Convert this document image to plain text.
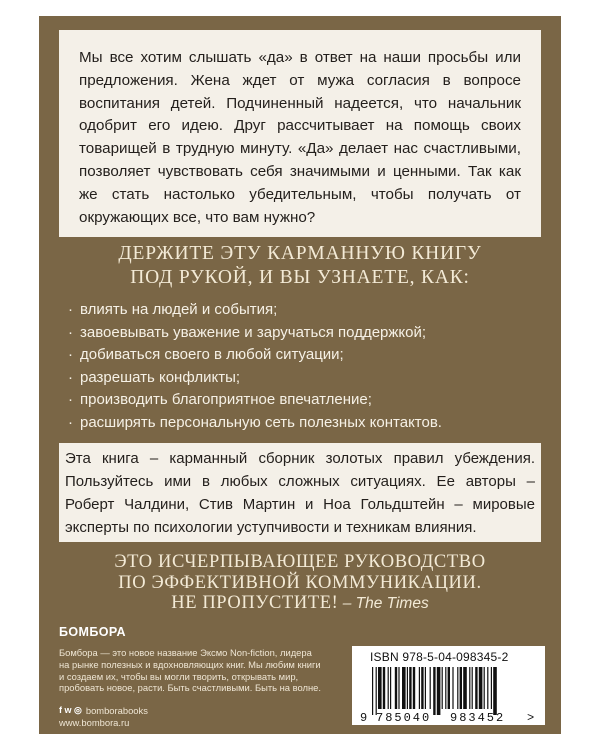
Мы все хотим слышать «да» в ответ на наши просьбы или предложения. Жена ждет от мужа согласия в вопросе воспитания детей. Подчиненный надеется, что начальник одобрит его идею. Друг рассчитывает на помощь своих товарищей в трудную минуту. «Да» делает нас счастливыми, позволяет чувствовать себя значимыми и ценными. Так как же стать настолько убедительным, чтобы получать от окружающих все, что вам нужно?

ДЕРЖИТЕ ЭТУ КАРМАННУЮ КНИГУ
ПОД РУКОЙ, И ВЫ УЗНАЕТЕ, КАК:
· влиять на людей и события;
· завоевывать уважение и заручаться поддержкой;
· добиваться своего в любой ситуации;
· разрешать конфликты;
· производить благоприятное впечатление;
· расширять персональную сеть полезных контактов.

Эта книга – карманный сборник золотых правил убеждения. Пользуйтесь ими в любых сложных ситуациях. Ее авторы – Роберт Чалдини, Стив Мартин и Ноа Гольдштейн – мировые эксперты по психологии уступчивости и техникам влияния.

ЭТО ИСЧЕРПЫВАЮЩЕЕ РУКОВОДСТВО
ПО ЭФФЕКТИВНОЙ КОММУНИКАЦИИ.
НЕ ПРОПУСТИТЕ! – The Times
БОМБОРА
Бомбора — это новое название Эксмо Non-fiction, лидера на рынке полезных и вдохновляющих книг. Мы любим книги и создаем их, чтобы вы могли творить, открывать мир, пробовать новое, расти. Быть счастливыми. Быть на волне.
f ᴡ ◎ bomborabooks
www.bombora.ru
ISBN 978-5-04-098345-2
9 785040 983452 >
